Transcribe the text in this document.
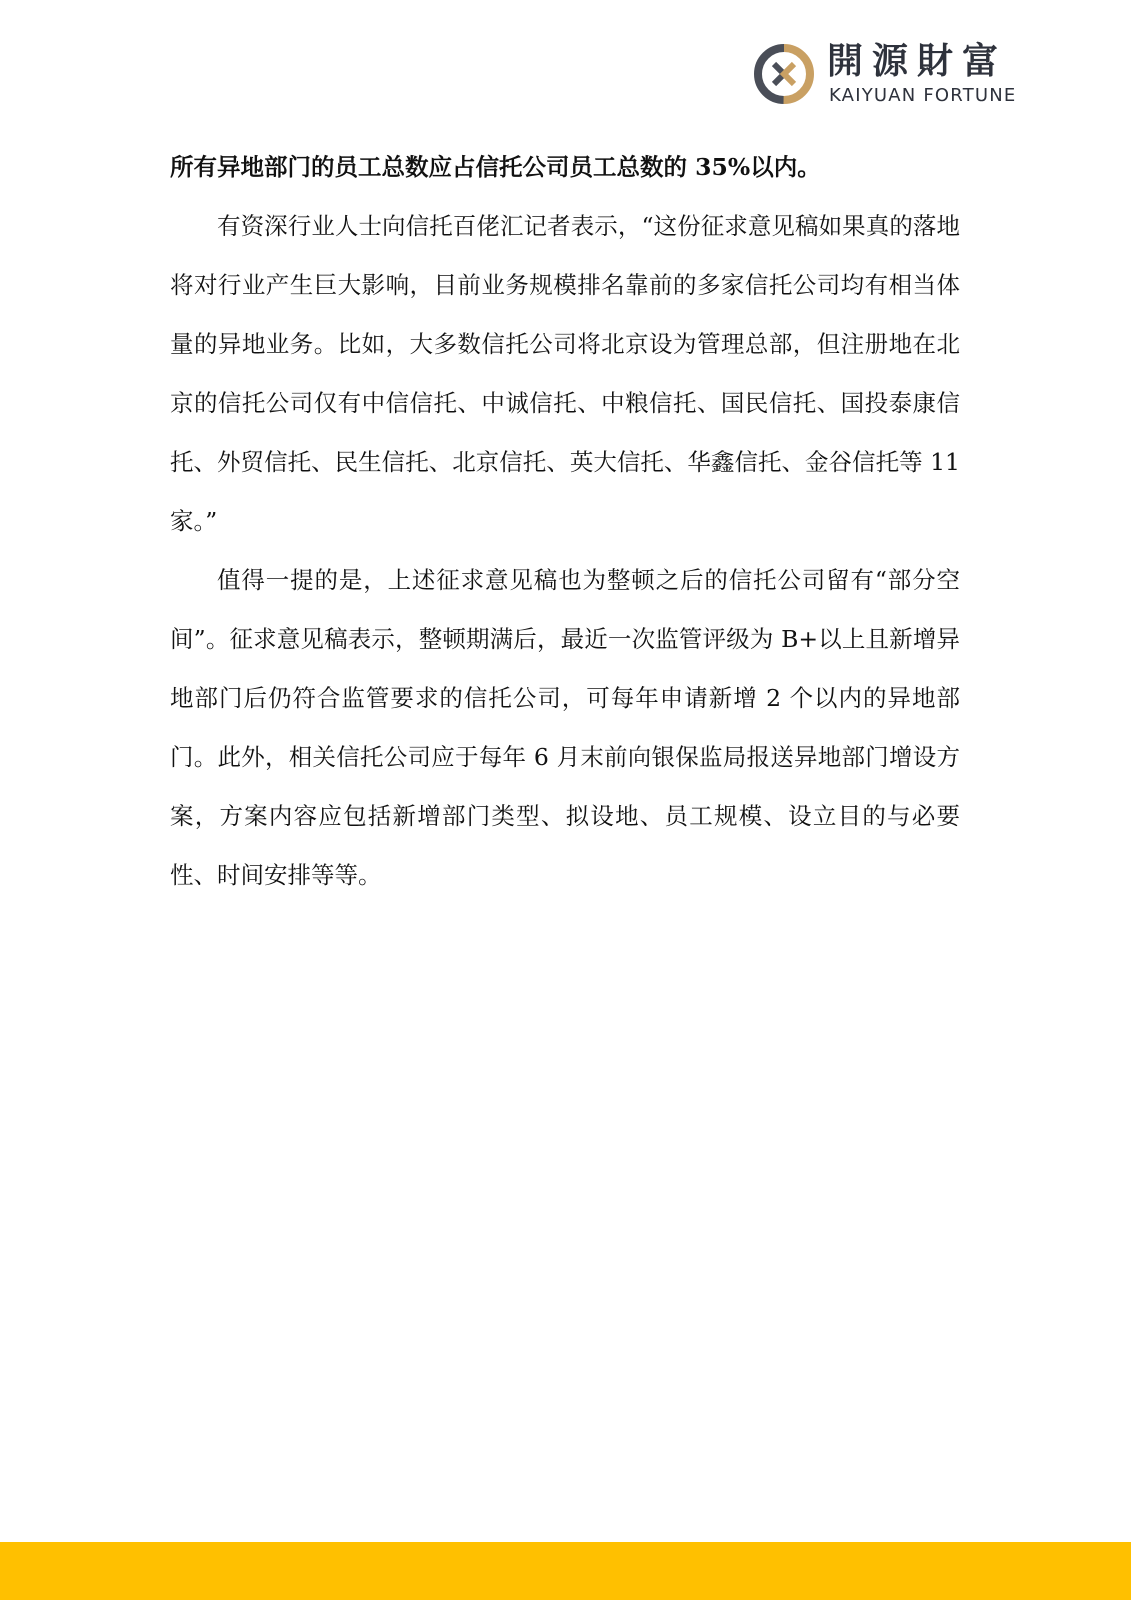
開源財富
KAIYUAN FORTUNE

所有异地部门的员工总数应占信托公司员工总数的 35%以内。

有资深行业人士向信托百佬汇记者表示，“这份征求意见稿如果真的落地将对行业产生巨大影响，目前业务规模排名靠前的多家信托公司均有相当体量的异地业务。比如，大多数信托公司将北京设为管理总部，但注册地在北京的信托公司仅有中信信托、中诚信托、中粮信托、国民信托、国投泰康信托、外贸信托、民生信托、北京信托、英大信托、华鑫信托、金谷信托等 11 家。”

值得一提的是，上述征求意见稿也为整顿之后的信托公司留有“部分空间”。征求意见稿表示，整顿期满后，最近一次监管评级为 B+以上且新增异地部门后仍符合监管要求的信托公司，可每年申请新增 2 个以内的异地部门。此外，相关信托公司应于每年 6 月末前向银保监局报送异地部门增设方案，方案内容应包括新增部门类型、拟设地、员工规模、设立目的与必要性、时间安排等等。
